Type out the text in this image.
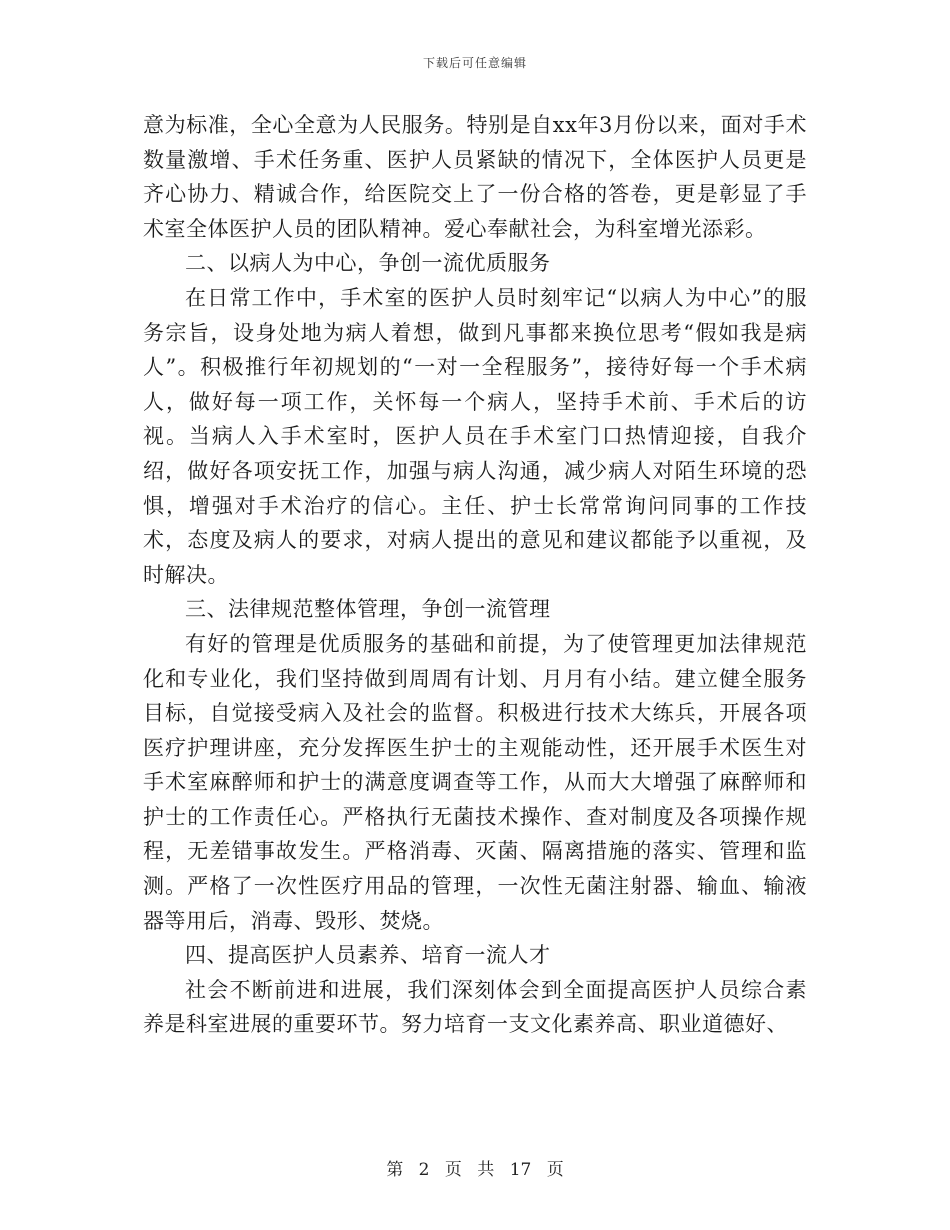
下载后可任意编辑

意为标准，全心全意为人民服务。特别是自xx年3月份以来，面对手术数量激增、手术任务重、医护人员紧缺的情况下，全体医护人员更是齐心协力、精诚合作，给医院交上了一份合格的答卷，更是彰显了手术室全体医护人员的团队精神。爱心奉献社会，为科室增光添彩。

二、以病人为中心，争创一流优质服务

在日常工作中，手术室的医护人员时刻牢记“以病人为中心”的服务宗旨，设身处地为病人着想，做到凡事都来换位思考“假如我是病人”。积极推行年初规划的“一对一全程服务”，接待好每一个手术病人，做好每一项工作，关怀每一个病人，坚持手术前、手术后的访视。当病人入手术室时，医护人员在手术室门口热情迎接，自我介绍，做好各项安抚工作，加强与病人沟通，减少病人对陌生环境的恐惧，增强对手术治疗的信心。主任、护士长常常询问同事的工作技术，态度及病人的要求，对病人提出的意见和建议都能予以重视，及时解决。

三、法律规范整体管理，争创一流管理

有好的管理是优质服务的基础和前提，为了使管理更加法律规范化和专业化，我们坚持做到周周有计划、月月有小结。建立健全服务目标，自觉接受病入及社会的监督。积极进行技术大练兵，开展各项医疗护理讲座，充分发挥医生护士的主观能动性，还开展手术医生对手术室麻醉师和护士的满意度调查等工作，从而大大增强了麻醉师和护士的工作责任心。严格执行无菌技术操作、查对制度及各项操作规程，无差错事故发生。严格消毒、灭菌、隔离措施的落实、管理和监测。严格了一次性医疗用品的管理，一次性无菌注射器、输血、输液器等用后，消毒、毁形、焚烧。

四、提高医护人员素养、培育一流人才

社会不断前进和进展，我们深刻体会到全面提高医护人员综合素养是科室进展的重要环节。努力培育一支文化素养高、职业道德好、

第 2 页 共 17 页
